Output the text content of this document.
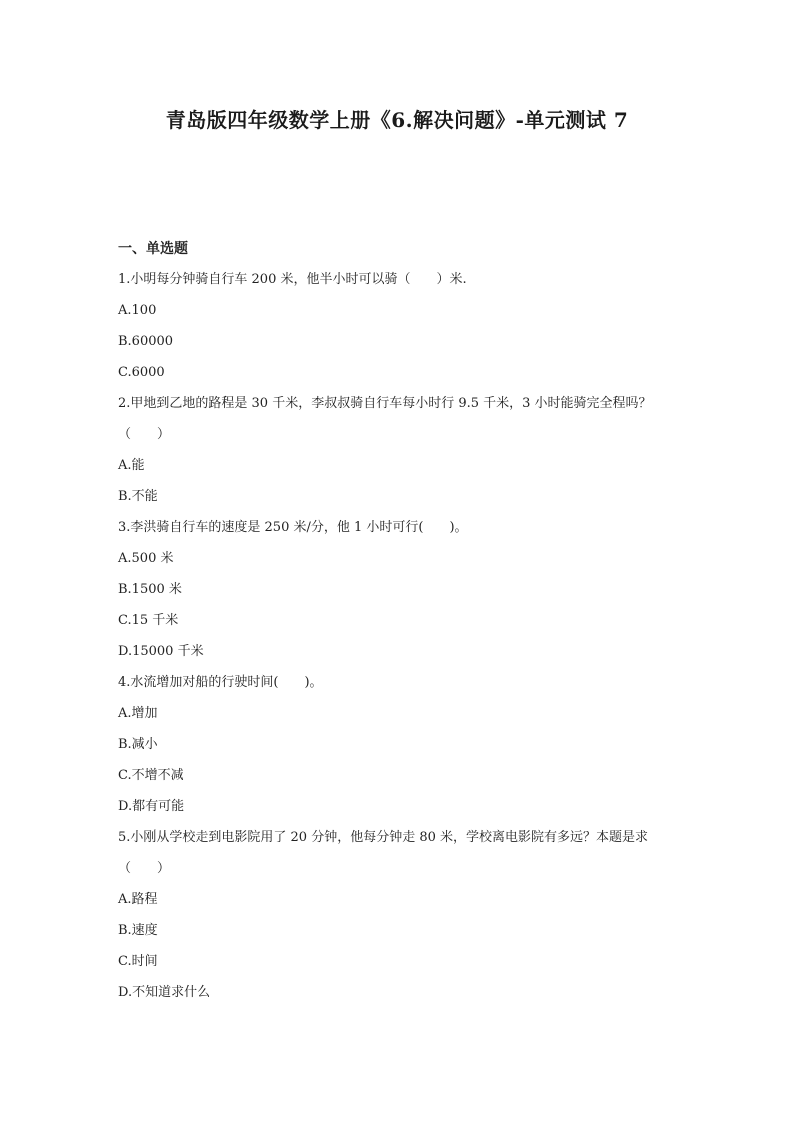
青岛版四年级数学上册《6.解决问题》-单元测试 7
一、单选题
1.小明每分钟骑自行车 200 米，他半小时可以骑（　　）米.
A.100
B.60000
C.6000
2.甲地到乙地的路程是 30 千米，李叔叔骑自行车每小时行 9.5 千米，3 小时能骑完全程吗？
（　　）
A.能
B.不能
3.李洪骑自行车的速度是 250 米/分，他 1 小时可行(　　)。
A.500 米
B.1500 米
C.15 千米
D.15000 千米
4.水流增加对船的行驶时间(　　)。
A.增加
B.减小
C.不增不减
D.都有可能
5.小刚从学校走到电影院用了 20 分钟，他每分钟走 80 米，学校离电影院有多远？本题是求
（　　）
A.路程
B.速度
C.时间
D.不知道求什么
